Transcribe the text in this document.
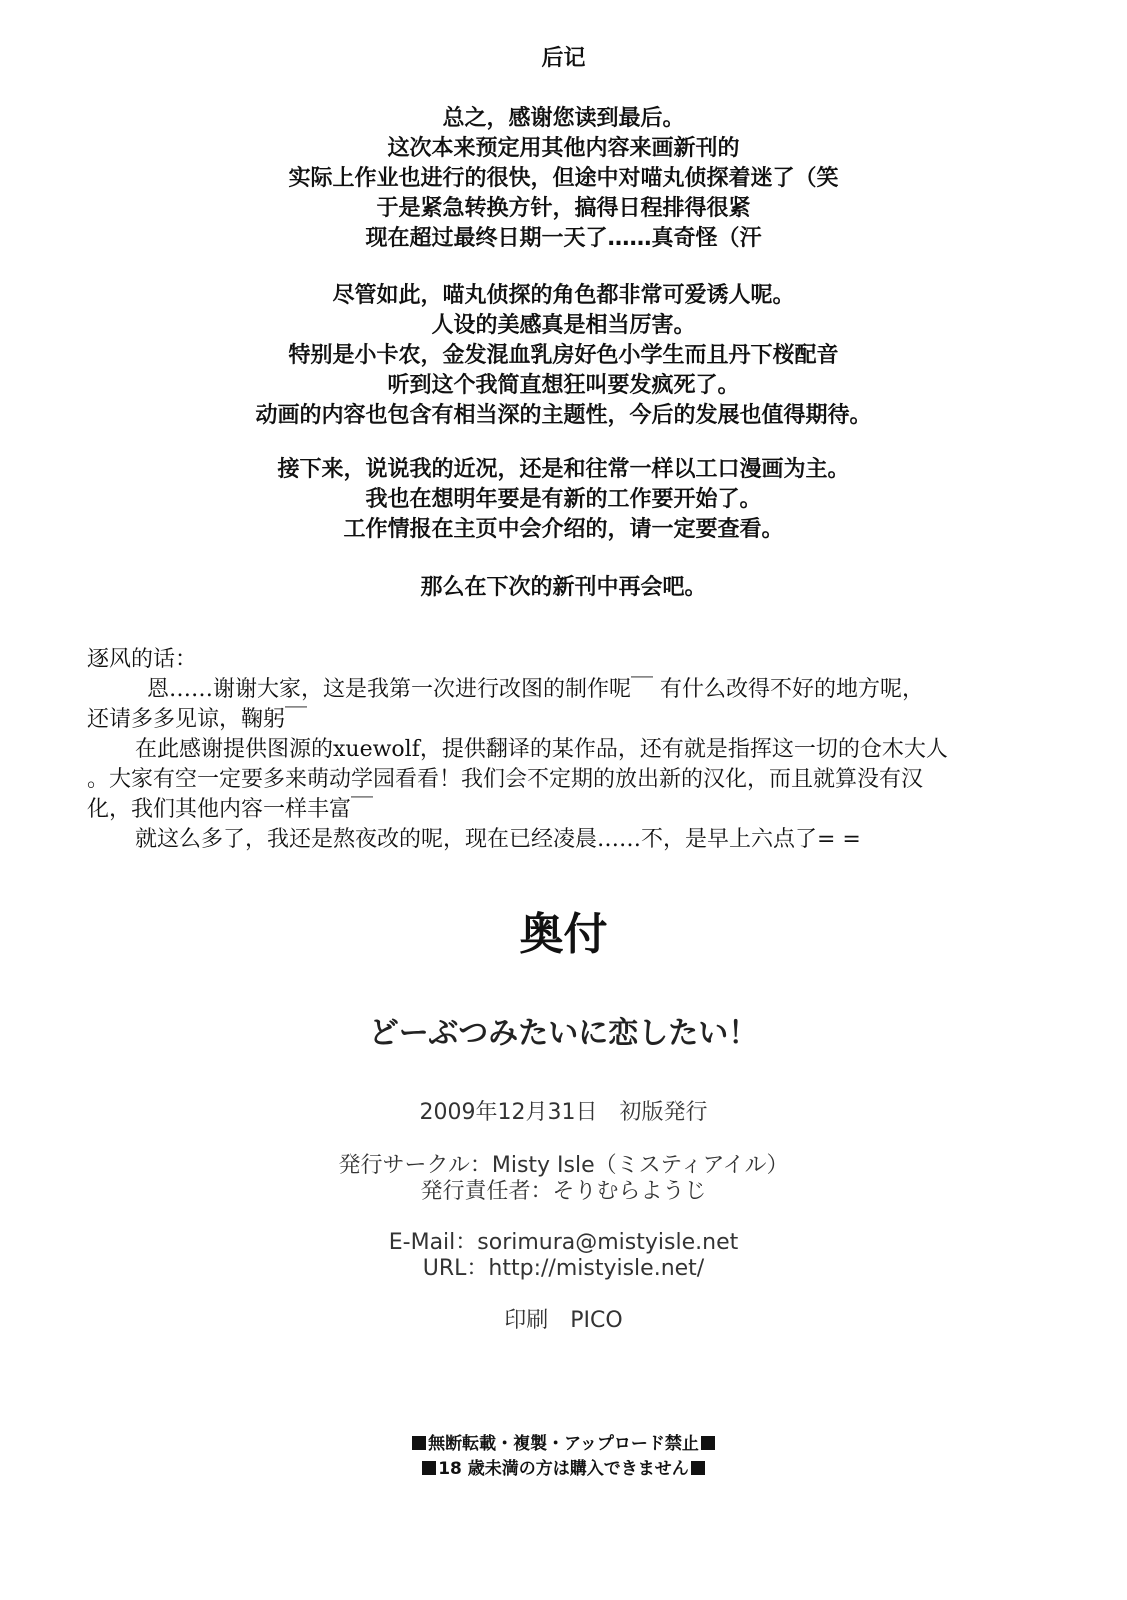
后记
总之，感谢您读到最后。
这次本来预定用其他内容来画新刊的
实际上作业也进行的很快，但途中对喵丸侦探着迷了（笑
于是紧急转换方针，搞得日程排得很紧
现在超过最终日期一天了……真奇怪（汗
尽管如此，喵丸侦探的角色都非常可爱诱人呢。
人设的美感真是相当厉害。
特别是小卡农，金发混血乳房好色小学生而且丹下桜配音
听到这个我简直想狂叫要发疯死了。
动画的内容也包含有相当深的主题性，今后的发展也值得期待。
接下来，说说我的近况，还是和往常一样以工口漫画为主。
我也在想明年要是有新的工作要开始了。
工作情报在主页中会介绍的，请一定要查看。
那么在下次的新刊中再会吧。
逐风的话：
恩……谢谢大家，这是我第一次进行改图的制作呢￣ 有什么改得不好的地方呢，
还请多多见谅，鞠躬￣
在此感谢提供图源的xuewolf，提供翻译的某作品，还有就是指挥这一切的仓木大人
。大家有空一定要多来萌动学园看看！我们会不定期的放出新的汉化，而且就算没有汉
化，我们其他内容一样丰富￣
就这么多了，我还是熬夜改的呢，现在已经凌晨……不，是早上六点了= =
奥付
どーぶつみたいに恋したい！
2009年12月31日　初版発行
発行サークル：Misty Isle（ミスティアイル）
発行責任者：そりむらようじ
E-Mail：sorimura@mistyisle.net
URL：http://mistyisle.net/
印刷　PICO
無断転載・複製・アップロード禁止
18 歳未満の方は購入できません
